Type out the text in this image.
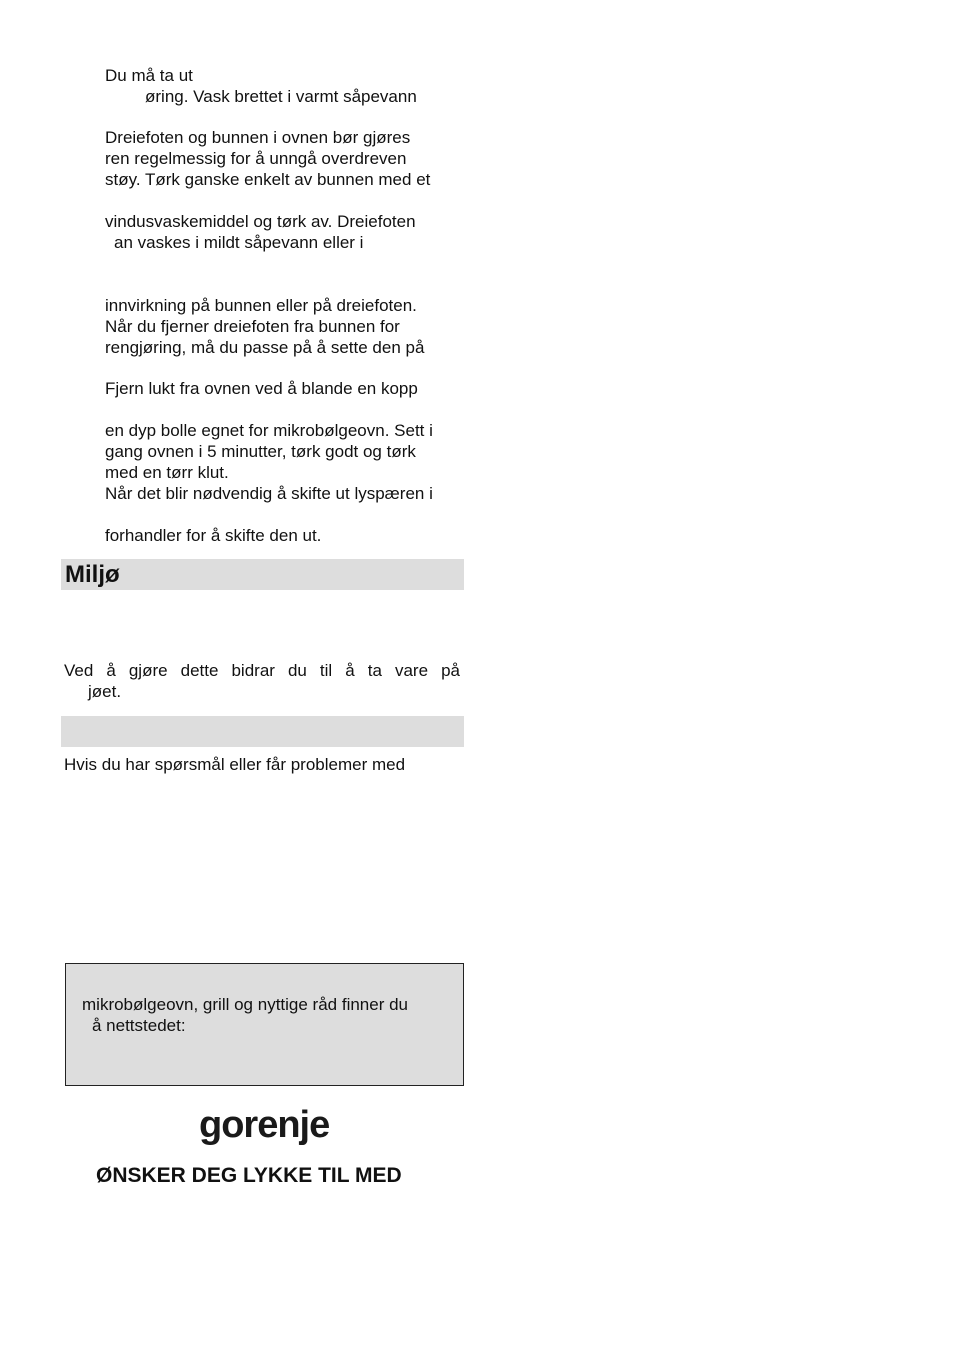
Du må ta ut
øring. Vask brettet i varmt såpevann
Dreiefoten og bunnen i ovnen bør gjøres
ren regelmessig for å unngå overdreven
støy. Tørk ganske enkelt av bunnen med et
vindusvaskemiddel og tørk av. Dreiefoten
an vaskes i mildt såpevann eller i
innvirkning på bunnen eller på dreiefoten.
Når du fjerner dreiefoten fra bunnen for
rengjøring, må du passe på å sette den på
Fjern lukt fra ovnen ved å blande en kopp
en dyp bolle egnet for mikrobølgeovn. Sett i
gang ovnen i 5 minutter, tørk godt og tørk
med en tørr klut.
Når det blir nødvendig å skifte ut lyspæren i
forhandler for å skifte den ut.
Miljø
Ved å gjøre dette bidrar du til å ta vare på
jøet.
Hvis du har spørsmål eller får problemer med
mikrobølgeovn, grill og nyttige råd finner du
å nettstedet:
gorenje
ØNSKER DEG LYKKE TIL MED
